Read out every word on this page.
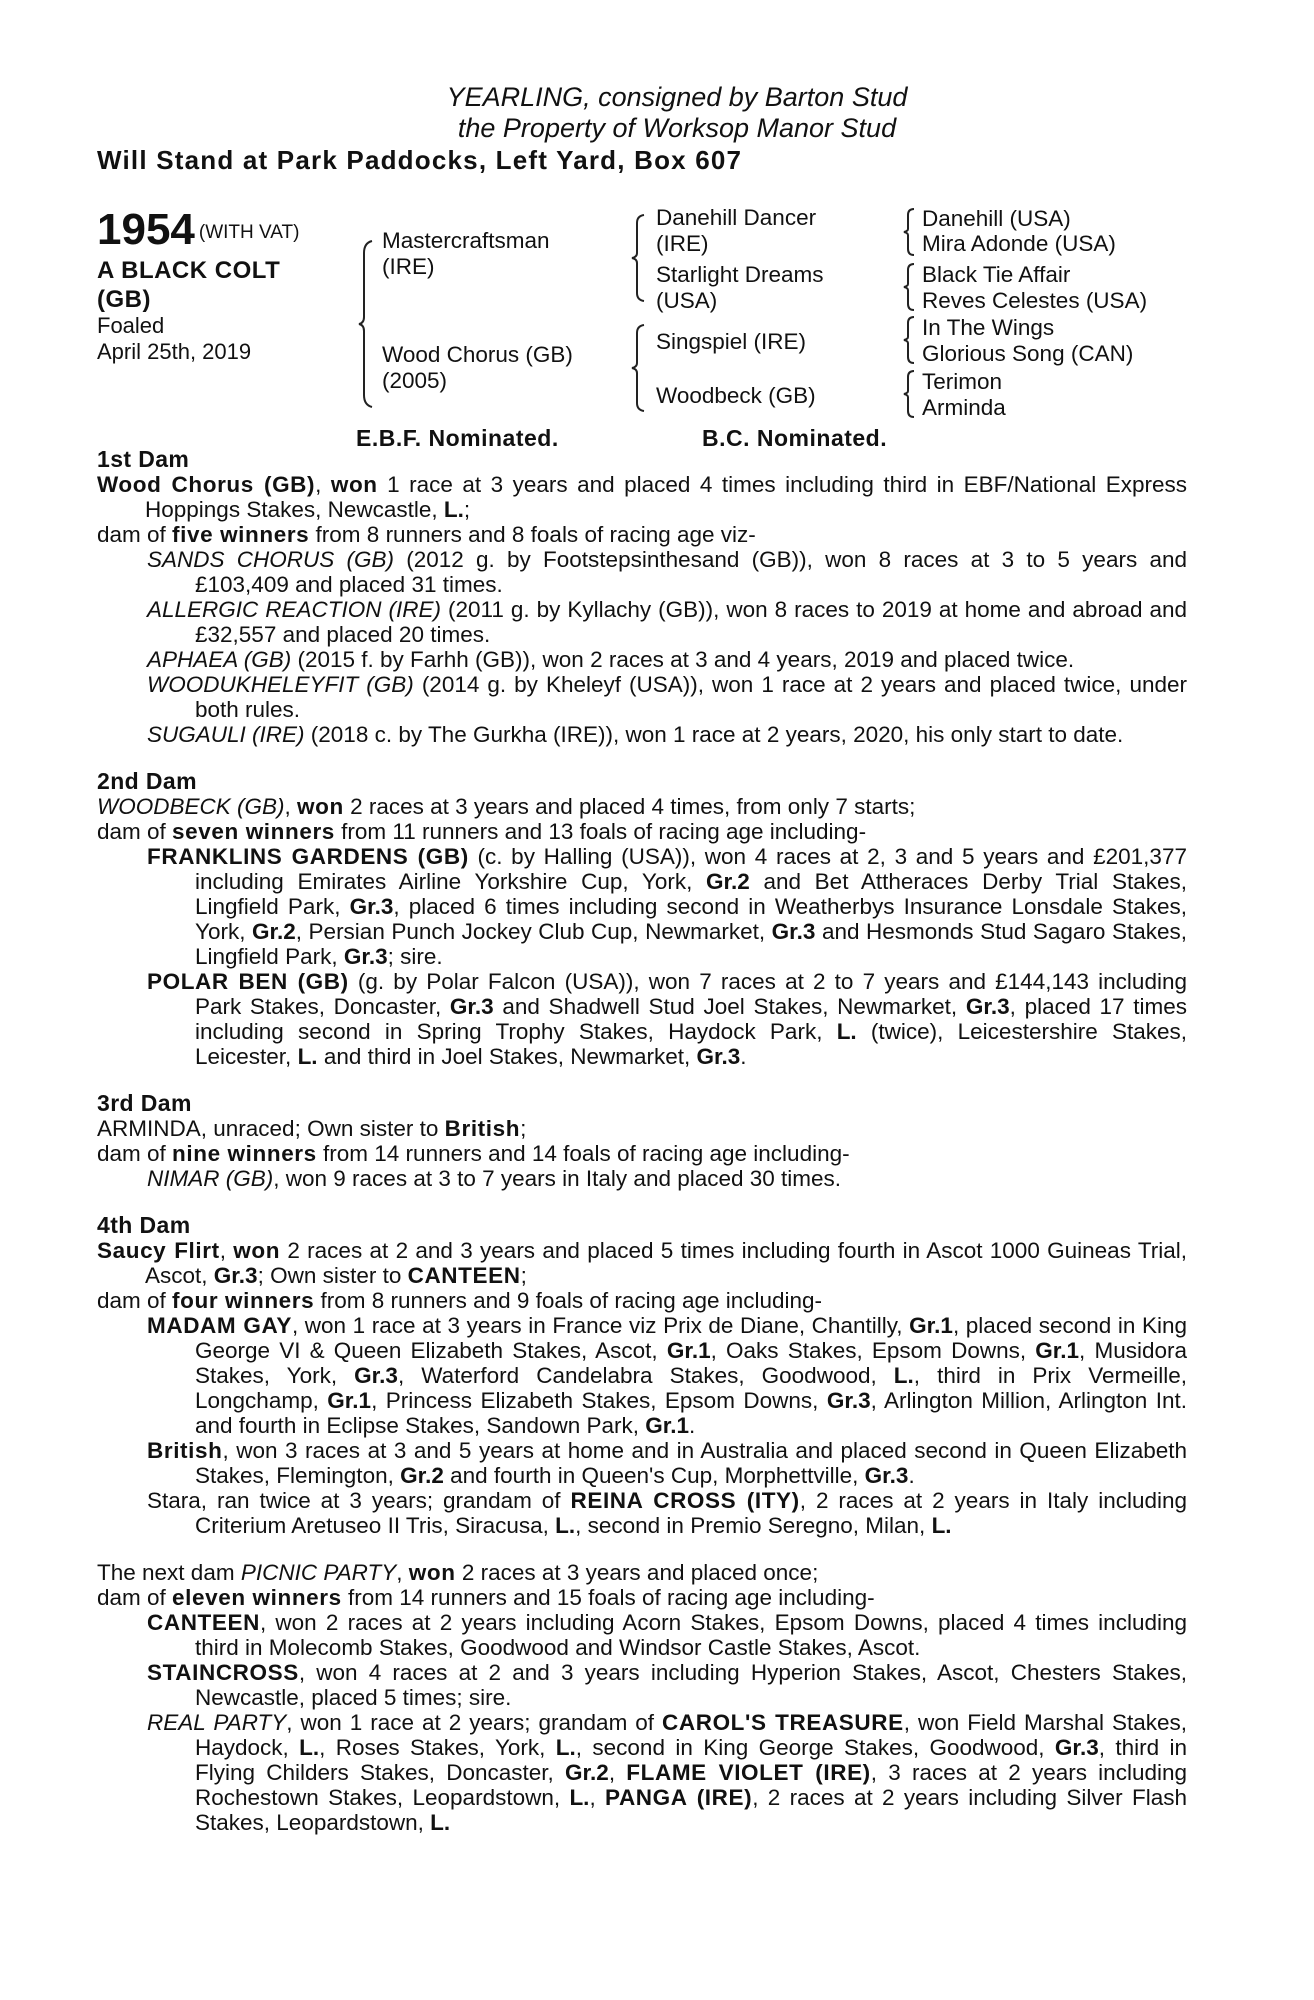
YEARLING, consigned by Barton Stud
the Property of Worksop Manor Stud
Will Stand at Park Paddocks, Left Yard, Box 607
1954 $^{(WITH VAT)}$
A BLACK COLT
(GB)
Foaled
April 25th, 2019
Mastercraftsman
(IRE)
Wood Chorus (GB)
(2005)
Danehill Dancer
(IRE)
Starlight Dreams
(USA)
Singspiel (IRE)
Woodbeck (GB)
Danehill (USA)
Mira Adonde (USA)
Black Tie Affair
Reves Celestes (USA)
In The Wings
Glorious Song (CAN)
Terimon
Arminda
E.B.F. Nominated.	B.C. Nominated.
1st Dam
Wood Chorus (GB), won 1 race at 3 years and placed 4 times including third in EBF/National Express Hoppings Stakes, Newcastle, L.;
dam of five winners from 8 runners and 8 foals of racing age viz-
SANDS CHORUS (GB) (2012 g. by Footstepsinthesand (GB)), won 8 races at 3 to 5 years and £103,409 and placed 31 times.
ALLERGIC REACTION (IRE) (2011 g. by Kyllachy (GB)), won 8 races to 2019 at home and abroad and £32,557 and placed 20 times.
APHAEA (GB) (2015 f. by Farhh (GB)), won 2 races at 3 and 4 years, 2019 and placed twice.
WOODUKHELEYFIT (GB) (2014 g. by Kheleyf (USA)), won 1 race at 2 years and placed twice, under both rules.
SUGAULI (IRE) (2018 c. by The Gurkha (IRE)), won 1 race at 2 years, 2020, his only start to date.
2nd Dam
WOODBECK (GB), won 2 races at 3 years and placed 4 times, from only 7 starts;
dam of seven winners from 11 runners and 13 foals of racing age including-
FRANKLINS GARDENS (GB) (c. by Halling (USA)), won 4 races at 2, 3 and 5 years and £201,377 including Emirates Airline Yorkshire Cup, York, Gr.2 and Bet Attheraces Derby Trial Stakes, Lingfield Park, Gr.3, placed 6 times including second in Weatherbys Insurance Lonsdale Stakes, York, Gr.2, Persian Punch Jockey Club Cup, Newmarket, Gr.3 and Hesmonds Stud Sagaro Stakes, Lingfield Park, Gr.3; sire.
POLAR BEN (GB) (g. by Polar Falcon (USA)), won 7 races at 2 to 7 years and £144,143 including Park Stakes, Doncaster, Gr.3 and Shadwell Stud Joel Stakes, Newmarket, Gr.3, placed 17 times including second in Spring Trophy Stakes, Haydock Park, L. (twice), Leicestershire Stakes, Leicester, L. and third in Joel Stakes, Newmarket, Gr.3.
3rd Dam
ARMINDA, unraced; Own sister to British;
dam of nine winners from 14 runners and 14 foals of racing age including-
NIMAR (GB), won 9 races at 3 to 7 years in Italy and placed 30 times.
4th Dam
Saucy Flirt, won 2 races at 2 and 3 years and placed 5 times including fourth in Ascot 1000 Guineas Trial, Ascot, Gr.3; Own sister to CANTEEN;
dam of four winners from 8 runners and 9 foals of racing age including-
MADAM GAY, won 1 race at 3 years in France viz Prix de Diane, Chantilly, Gr.1, placed second in King George VI & Queen Elizabeth Stakes, Ascot, Gr.1, Oaks Stakes, Epsom Downs, Gr.1, Musidora Stakes, York, Gr.3, Waterford Candelabra Stakes, Goodwood, L., third in Prix Vermeille, Longchamp, Gr.1, Princess Elizabeth Stakes, Epsom Downs, Gr.3, Arlington Million, Arlington Int. and fourth in Eclipse Stakes, Sandown Park, Gr.1.
British, won 3 races at 3 and 5 years at home and in Australia and placed second in Queen Elizabeth Stakes, Flemington, Gr.2 and fourth in Queen's Cup, Morphettville, Gr.3.
Stara, ran twice at 3 years; grandam of REINA CROSS (ITY), 2 races at 2 years in Italy including Criterium Aretuseo II Tris, Siracusa, L., second in Premio Seregno, Milan, L.
The next dam PICNIC PARTY, won 2 races at 3 years and placed once;
dam of eleven winners from 14 runners and 15 foals of racing age including-
CANTEEN, won 2 races at 2 years including Acorn Stakes, Epsom Downs, placed 4 times including third in Molecomb Stakes, Goodwood and Windsor Castle Stakes, Ascot.
STAINCROSS, won 4 races at 2 and 3 years including Hyperion Stakes, Ascot, Chesters Stakes, Newcastle, placed 5 times; sire.
REAL PARTY, won 1 race at 2 years; grandam of CAROL'S TREASURE, won Field Marshal Stakes, Haydock, L., Roses Stakes, York, L., second in King George Stakes, Goodwood, Gr.3, third in Flying Childers Stakes, Doncaster, Gr.2, FLAME VIOLET (IRE), 3 races at 2 years including Rochestown Stakes, Leopardstown, L., PANGA (IRE), 2 races at 2 years including Silver Flash Stakes, Leopardstown, L.
